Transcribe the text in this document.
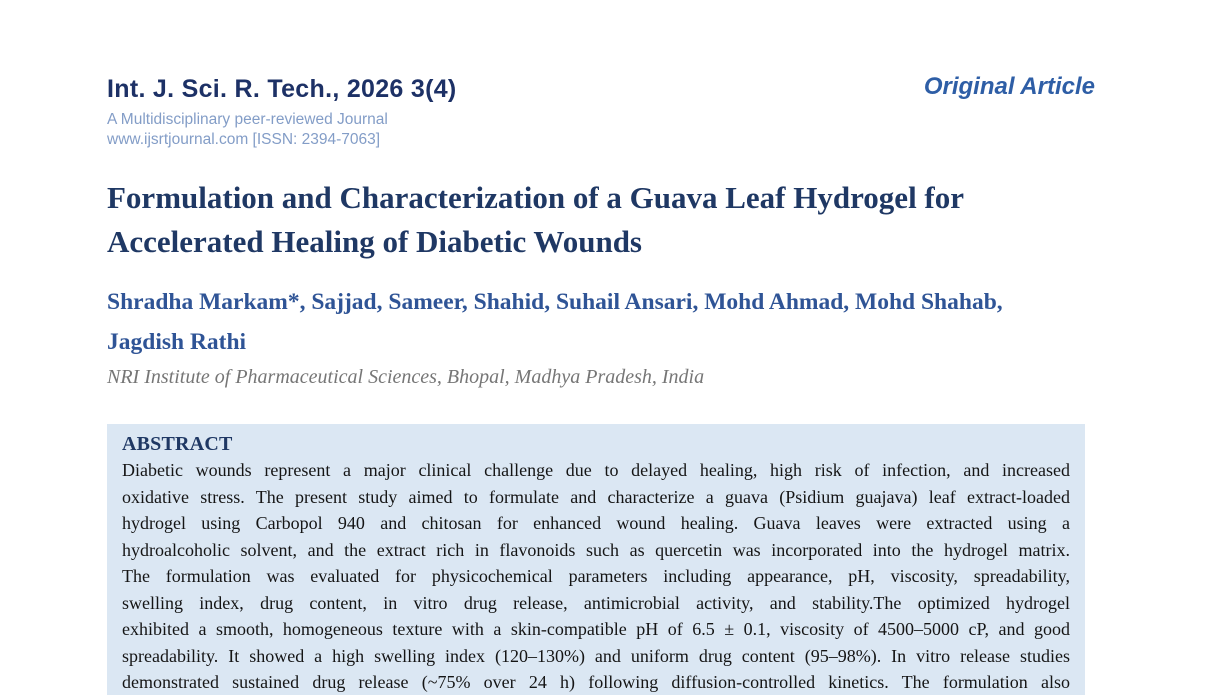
Int. J. Sci. R. Tech., 2026 3(4)
A Multidisciplinary peer-reviewed Journal
www.ijsrtjournal.com [ISSN: 2394-7063]
Original Article
Formulation and Characterization of a Guava Leaf Hydrogel for Accelerated Healing of Diabetic Wounds
Shradha Markam*, Sajjad, Sameer, Shahid, Suhail Ansari, Mohd Ahmad, Mohd Shahab, Jagdish Rathi
NRI Institute of Pharmaceutical Sciences, Bhopal, Madhya Pradesh, India
ABSTRACT
Diabetic wounds represent a major clinical challenge due to delayed healing, high risk of infection, and increased
oxidative stress. The present study aimed to formulate and characterize a guava (Psidium guajava) leaf extract-loaded
hydrogel using Carbopol 940 and chitosan for enhanced wound healing. Guava leaves were extracted using a
hydroalcoholic solvent, and the extract rich in flavonoids such as quercetin was incorporated into the hydrogel matrix.
The formulation was evaluated for physicochemical parameters including appearance, pH, viscosity, spreadability,
swelling index, drug content, in vitro drug release, antimicrobial activity, and stability.The optimized hydrogel
exhibited a smooth, homogeneous texture with a skin-compatible pH of 6.5 ± 0.1, viscosity of 4500–5000 cP, and good
spreadability. It showed a high swelling index (120–130%) and uniform drug content (95–98%). In vitro release studies
demonstrated sustained drug release (~75% over 24 h) following diffusion-controlled kinetics. The formulation also
